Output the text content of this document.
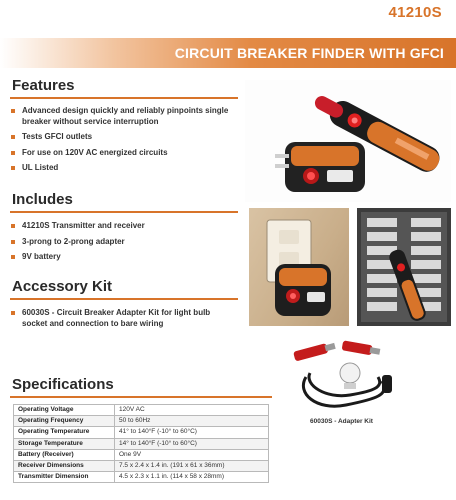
41210S
CIRCUIT BREAKER FINDER WITH GFCI
Features
Advanced design quickly and reliably pinpoints single breaker without service interruption
Tests GFCI outlets
For use on 120V AC energized circuits
UL Listed
Includes
41210S Transmitter and receiver
3-prong to 2-prong adapter
9V battery
Accessory Kit
60030S - Circuit Breaker Adapter Kit for light bulb socket and connection to bare wiring
60030S - Adapter Kit
Specifications
Operating Voltage	120V AC
Operating Frequency	50 to 60Hz
Operating Temperature	41° to 140°F (-10° to 60°C)
Storage Temperature	14° to 140°F (-10° to 60°C)
Battery (Receiver)	One 9V
Receiver Dimensions	7.5 x 2.4 x 1.4 in. (191 x 61 x 36mm)
Transmitter Dimension	4.5 x 2.3 x 1.1 in. (114 x 58 x 28mm)
